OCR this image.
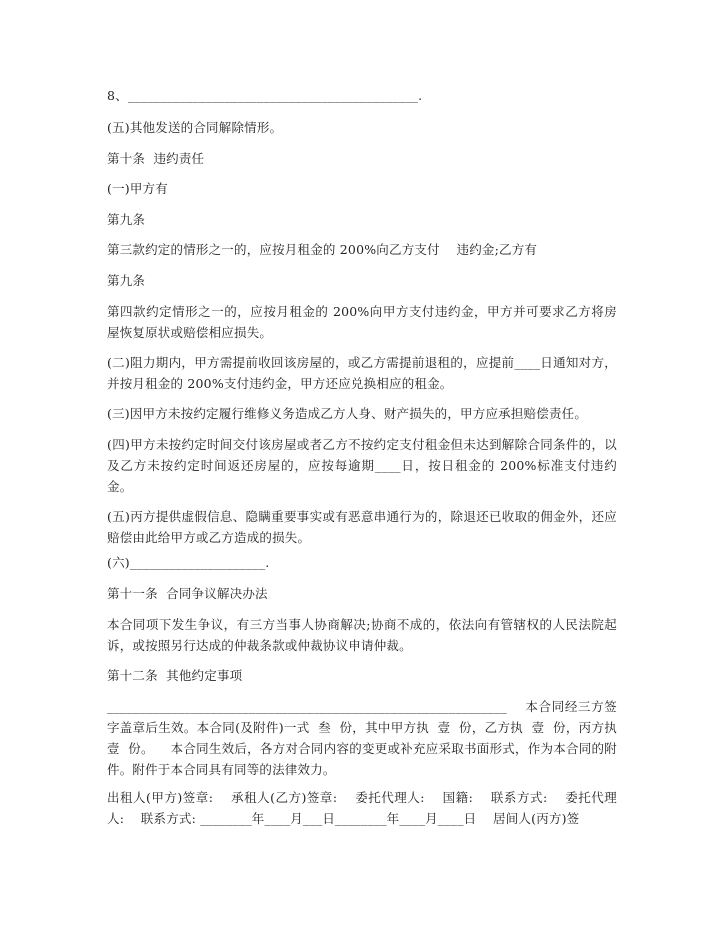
8、_____________________________________________.
(五)其他发送的合同解除情形。
第十条  违约责任
(一)甲方有
第九条
第三款约定的情形之一的，应按月租金的 200%向乙方支付    违约金;乙方有
第九条
第四款约定情形之一的，应按月租金的 200%向甲方支付违约金，甲方并可要求乙方将房屋恢复原状或赔偿相应损失。
(二)阻力期内，甲方需提前收回该房屋的，或乙方需提前退租的，应提前____日通知对方，并按月租金的 200%支付违约金，甲方还应兑换相应的租金。
(三)因甲方未按约定履行维修义务造成乙方人身、财产损失的，甲方应承担赔偿责任。
(四)甲方未按约定时间交付该房屋或者乙方不按约定支付租金但未达到解除合同条件的，以及乙方未按约定时间返还房屋的，应按每逾期____日，按日租金的 200%标准支付违约金。
(五)丙方提供虚假信息、隐瞒重要事实或有恶意串通行为的，除退还已收取的佣金外，还应赔偿由此给甲方或乙方造成的损失。
(六)_____________________.
第十一条  合同争议解决办法
本合同项下发生争议，有三方当事人协商解决;协商不成的，依法向有管辖权的人民法院起诉，或按照另行达成的仲裁条款或仲裁协议申请仲裁。
第十二条  其他约定事项
______________________________________________________________    本合同经三方签字盖章后生效。本合同(及附件)一式  叁  份，其中甲方执  壹  份，乙方执  壹  份，丙方执  壹  份。    本合同生效后，各方对合同内容的变更或补充应采取书面形式，作为本合同的附件。附件于本合同具有同等的法律效力。
出租人(甲方)签章:    承租人(乙方)签章:    委托代理人:    国籍:    联系方式:    委托代理人:    联系方式: ________年____月___日________年____月____日    居间人(丙方)签
